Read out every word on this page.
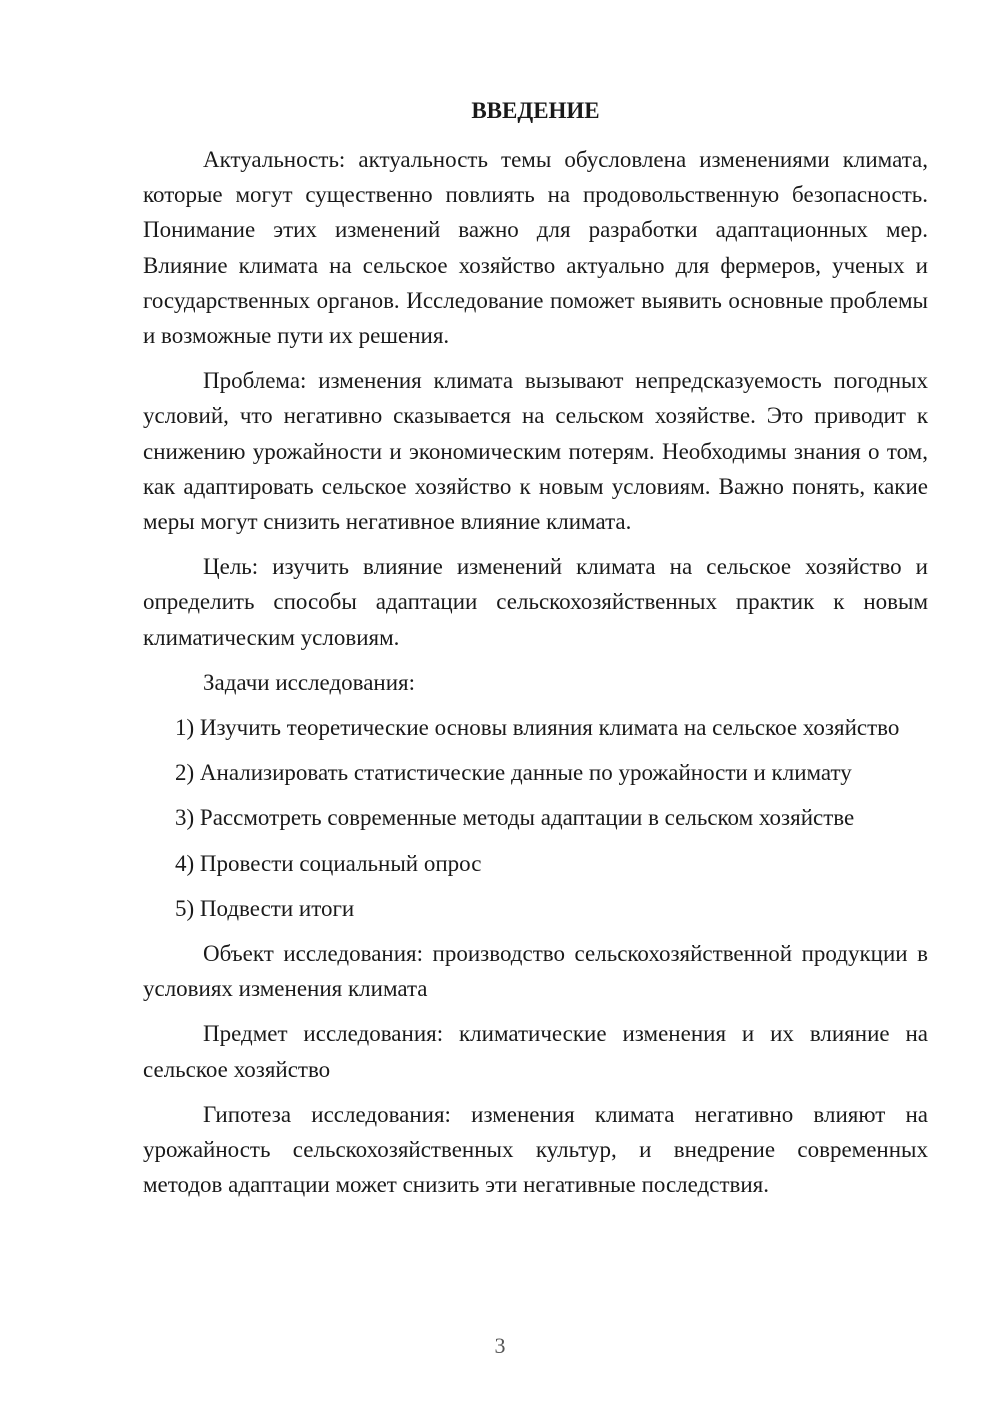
ВВЕДЕНИЕ

Актуальность: актуальность темы обусловлена изменениями климата, которые могут существенно повлиять на продовольственную безопасность. Понимание этих изменений важно для разработки адаптационных мер. Влияние климата на сельское хозяйство актуально для фермеров, ученых и государственных органов. Исследование поможет выявить основные проблемы и возможные пути их решения.

Проблема: изменения климата вызывают непредсказуемость погодных условий, что негативно сказывается на сельском хозяйстве. Это приводит к снижению урожайности и экономическим потерям. Необходимы знания о том, как адаптировать сельское хозяйство к новым условиям. Важно понять, какие меры могут снизить негативное влияние климата.

Цель: изучить влияние изменений климата на сельское хозяйство и определить способы адаптации сельскохозяйственных практик к новым климатическим условиям.

Задачи исследования:

1) Изучить теоретические основы влияния климата на сельское хозяйство

2) Анализировать статистические данные по урожайности и климату

3) Рассмотреть современные методы адаптации в сельском хозяйстве

4) Провести социальный опрос

5) Подвести итоги

Объект исследования: производство сельскохозяйственной продукции в условиях изменения климата

Предмет исследования: климатические изменения и их влияние на сельское хозяйство

Гипотеза исследования: изменения климата негативно влияют на урожайность сельскохозяйственных культур, и внедрение современных методов адаптации может снизить эти негативные последствия.

3
